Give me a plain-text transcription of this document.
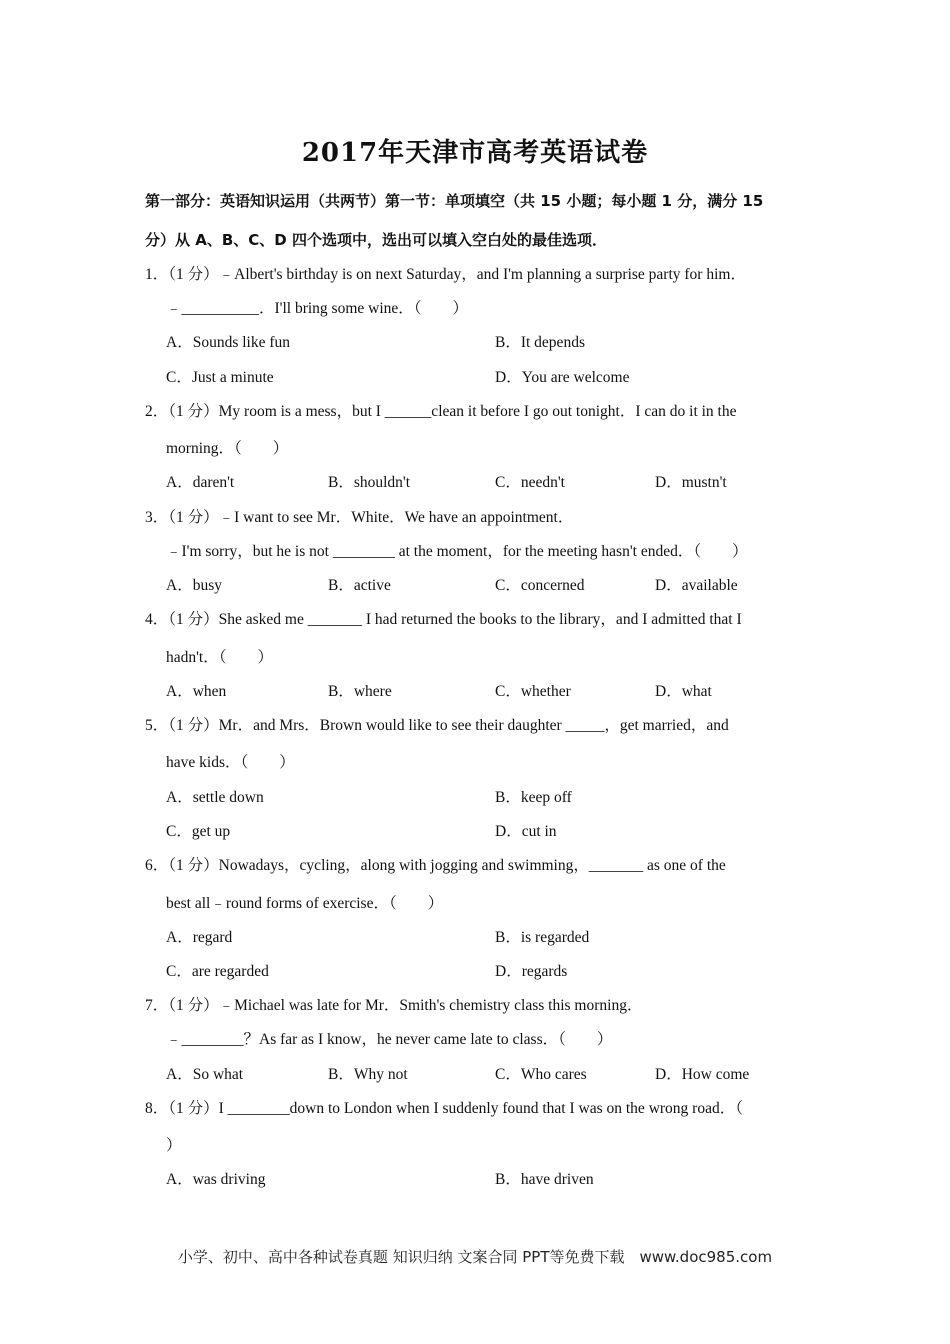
2017年天津市高考英语试卷
第一部分：英语知识运用（共两节）第一节：单项填空（共 15 小题；每小题 1 分，满分 15
分）从 A、B、C、D 四个选项中，选出可以填入空白处的最佳选项．
1．（1 分）﹣Albert's birthday is on next Saturday，and I'm planning a surprise party for him．
﹣__________．I'll bring some wine．（　　）
A．Sounds like fun	B．It depends
C．Just a minute	D．You are welcome
2．（1 分）My room is a mess，but I ______clean it before I go out tonight．I can do it in the
morning．（　　）
A．daren't	B．shouldn't	C．needn't	D．mustn't
3．（1 分）﹣I want to see Mr．White．We have an appointment．
﹣I'm sorry，but he is not ________ at the moment，for the meeting hasn't ended．（　　）
A．busy	B．active	C．concerned	D．available
4．（1 分）She asked me _______ I had returned the books to the library，and I admitted that I
hadn't．（　　）
A．when	B．where	C．whether	D．what
5．（1 分）Mr．and Mrs．Brown would like to see their daughter _____，get married，and
have kids．（　　）
A．settle down	B．keep off
C．get up	D．cut in
6．（1 分）Nowadays，cycling，along with jogging and swimming，_______ as one of the
best all﹣round forms of exercise．（　　）
A．regard	B．is regarded
C．are regarded	D．regards
7．（1 分）﹣Michael was late for Mr．Smith's chemistry class this morning．
﹣________？As far as I know，he never came late to class．（　　）
A．So what	B．Why not	C．Who cares	D．How come
8．（1 分）I ________down to London when I suddenly found that I was on the wrong road．（
）
A．was driving	B．have driven
小学、初中、高中各种试卷真题 知识归纳 文案合同 PPT等免费下载　www.doc985.com
